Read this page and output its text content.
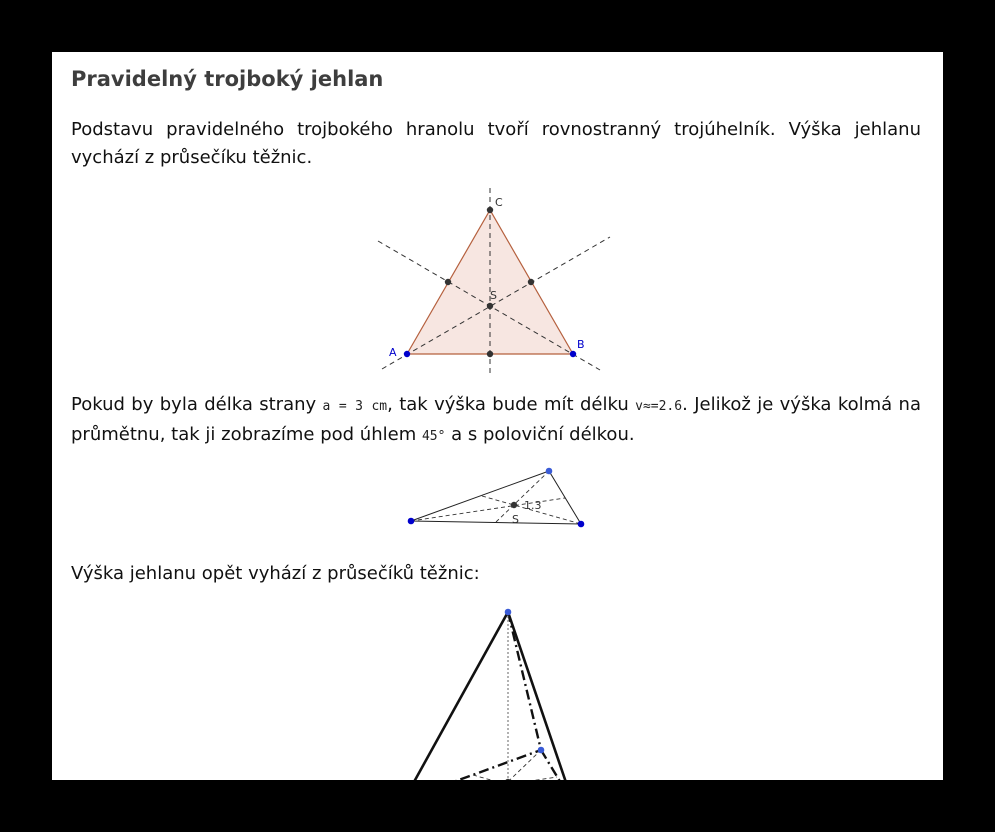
Pravidelný trojboký jehlan

Podstavu pravidelného trojbokého hranolu tvoří rovnostranný trojúhelník. Výška jehlanu vychází z průsečíku těžnic.

A
B
C
S

Pokud by byla délka strany a = 3 cm, tak výška bude mít délku v≈=2.6. Jelikož je výška kolmá na průmětnu, tak ji zobrazíme pod úhlem 45° a s poloviční délkou.

1.3
S

Výška jehlanu opět vyhází z průsečíků těžnic:
